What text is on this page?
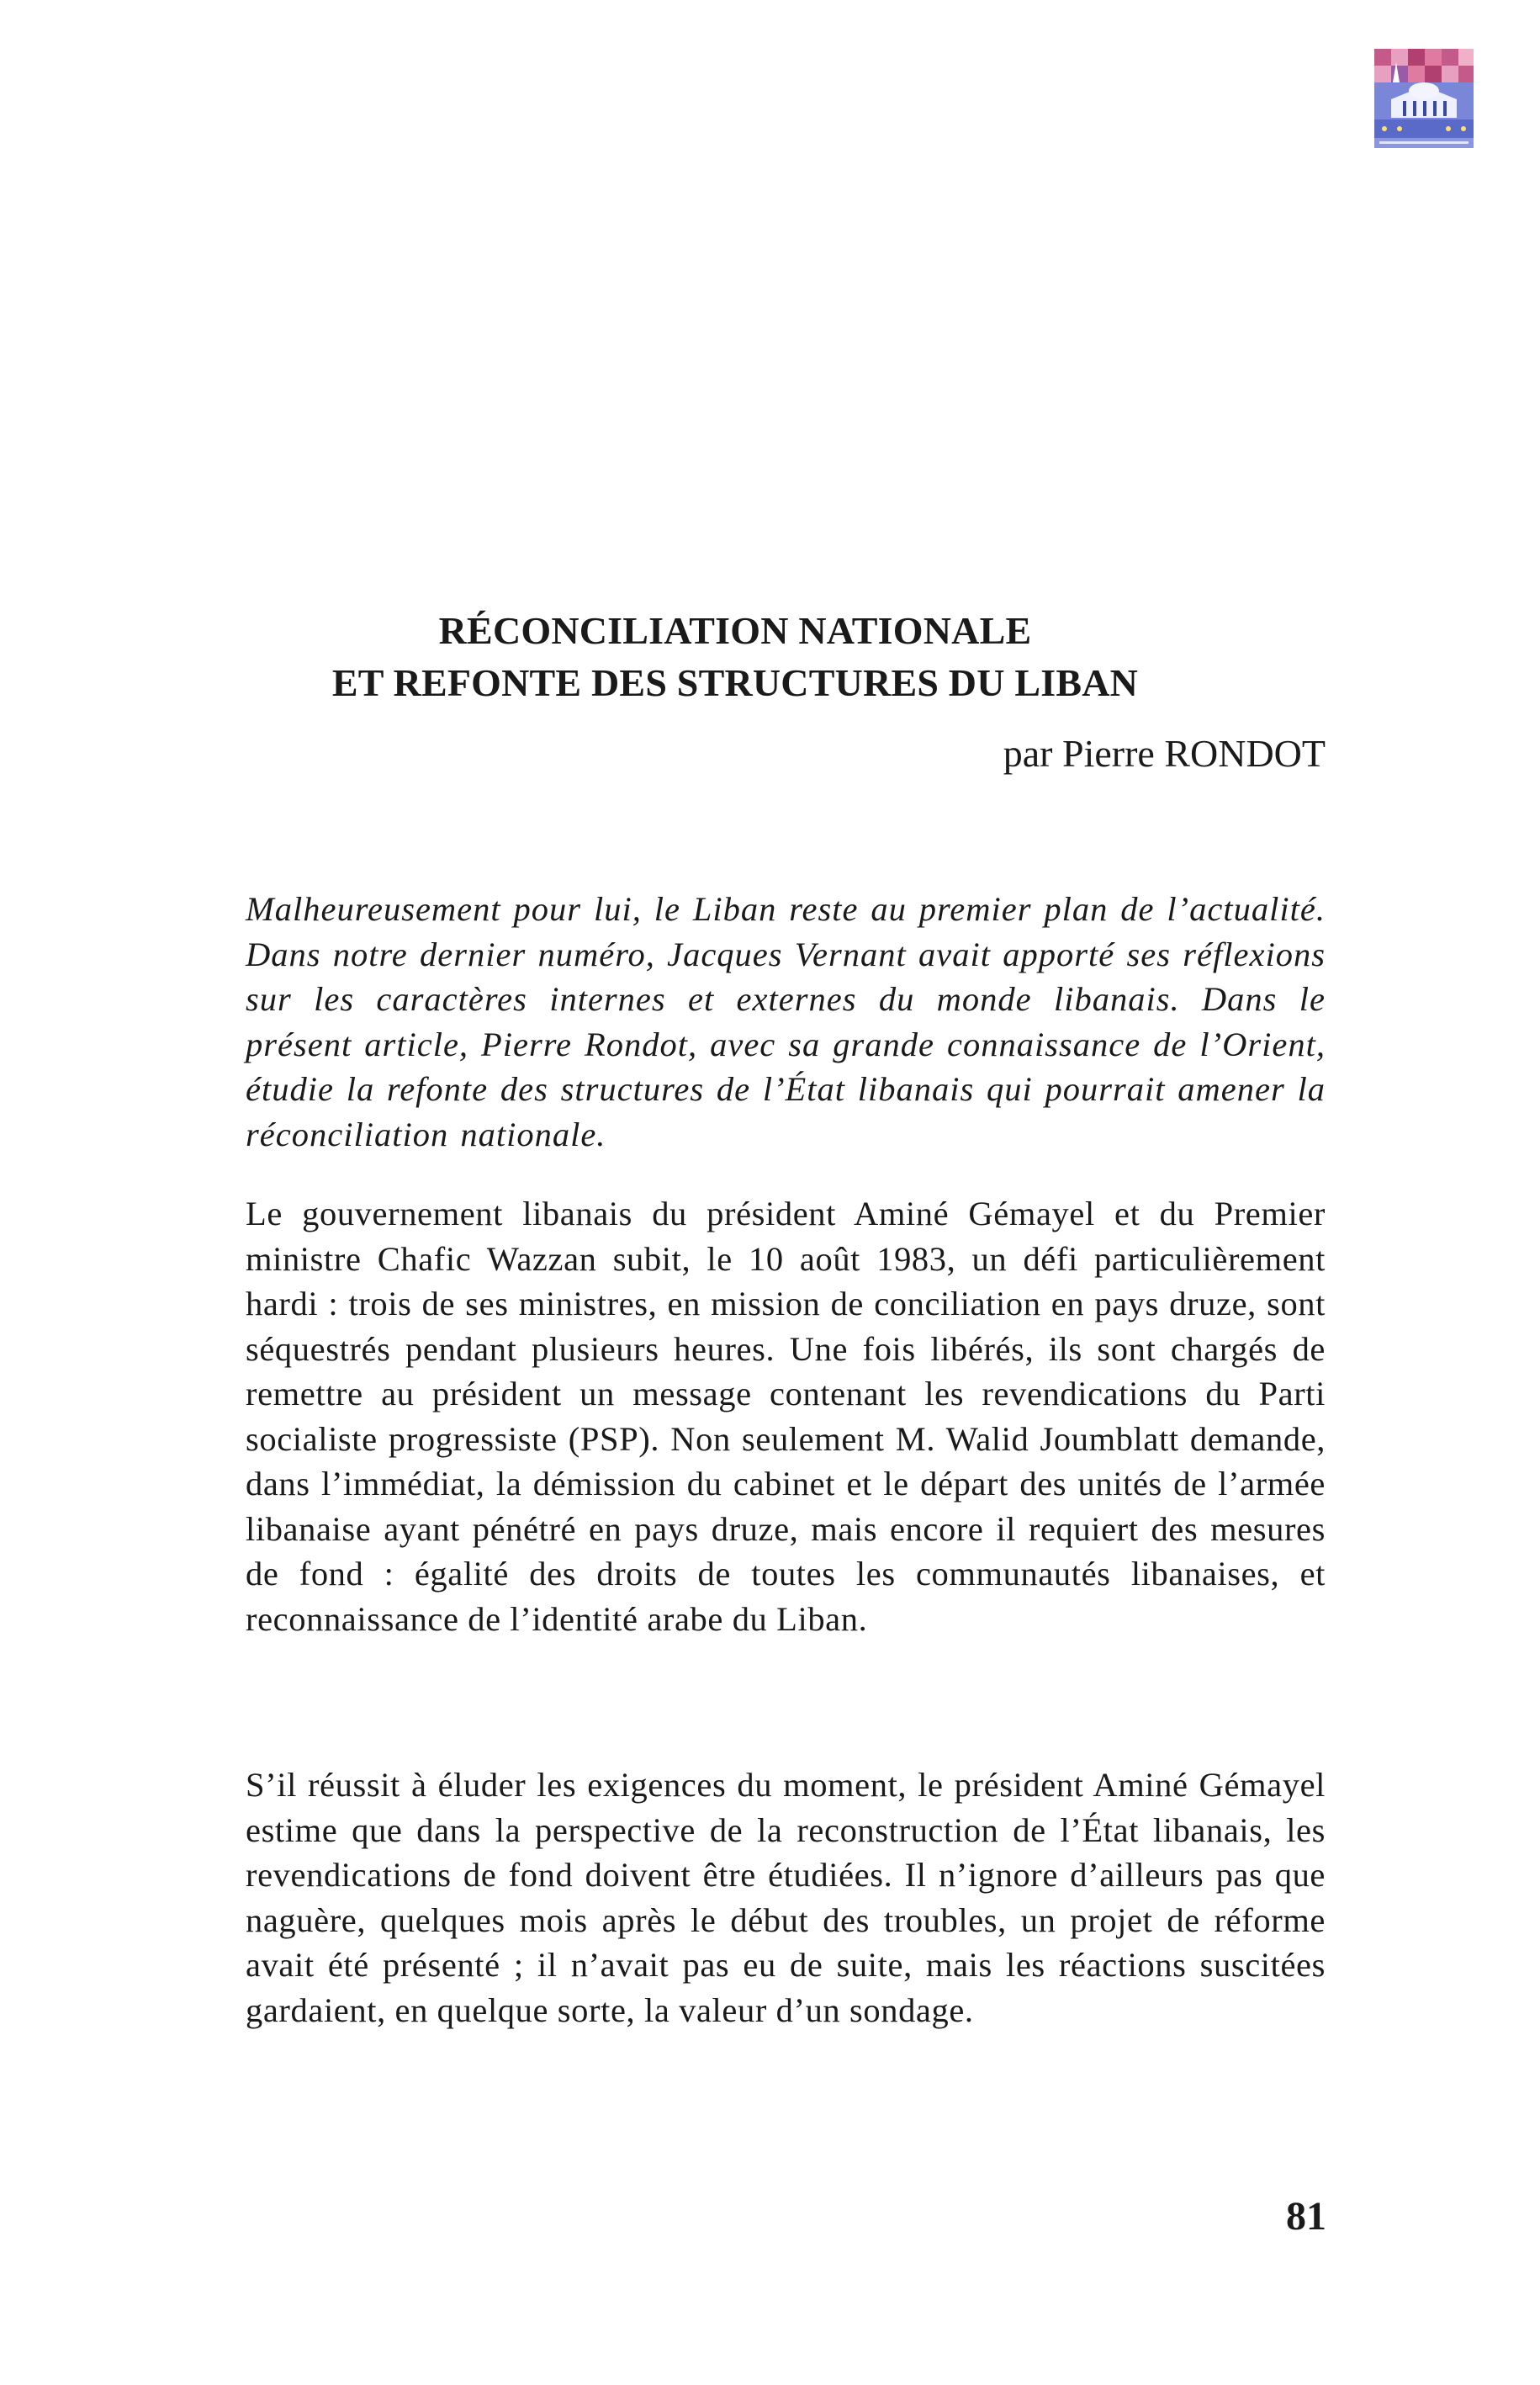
RÉCONCILIATION NATIONALE
ET REFONTE DES STRUCTURES DU LIBAN
par Pierre RONDOT

Malheureusement pour lui, le Liban reste au premier plan de l’actualité. Dans notre dernier numéro, Jacques Vernant avait apporté ses réflexions sur les caractères internes et externes du monde libanais. Dans le présent article, Pierre Rondot, avec sa grande connaissance de l’Orient, étudie la refonte des structures de l’État libanais qui pourrait amener la réconciliation nationale.

Le gouvernement libanais du président Aminé Gémayel et du Premier ministre Chafic Wazzan subit, le 10 août 1983, un défi particulièrement hardi : trois de ses ministres, en mission de conciliation en pays druze, sont séquestrés pendant plusieurs heures. Une fois libérés, ils sont chargés de remettre au président un message contenant les revendications du Parti socialiste progressiste (PSP). Non seulement M. Walid Joumblatt demande, dans l’immédiat, la démission du cabinet et le départ des unités de l’armée libanaise ayant pénétré en pays druze, mais encore il requiert des mesures de fond : égalité des droits de toutes les communautés libanaises, et reconnaissance de l’identité arabe du Liban.

S’il réussit à éluder les exigences du moment, le président Aminé Gémayel estime que dans la perspective de la reconstruction de l’État libanais, les revendications de fond doivent être étudiées. Il n’ignore d’ailleurs pas que naguère, quelques mois après le début des troubles, un projet de réforme avait été présenté ; il n’avait pas eu de suite, mais les réactions suscitées gardaient, en quelque sorte, la valeur d’un sondage.

81
